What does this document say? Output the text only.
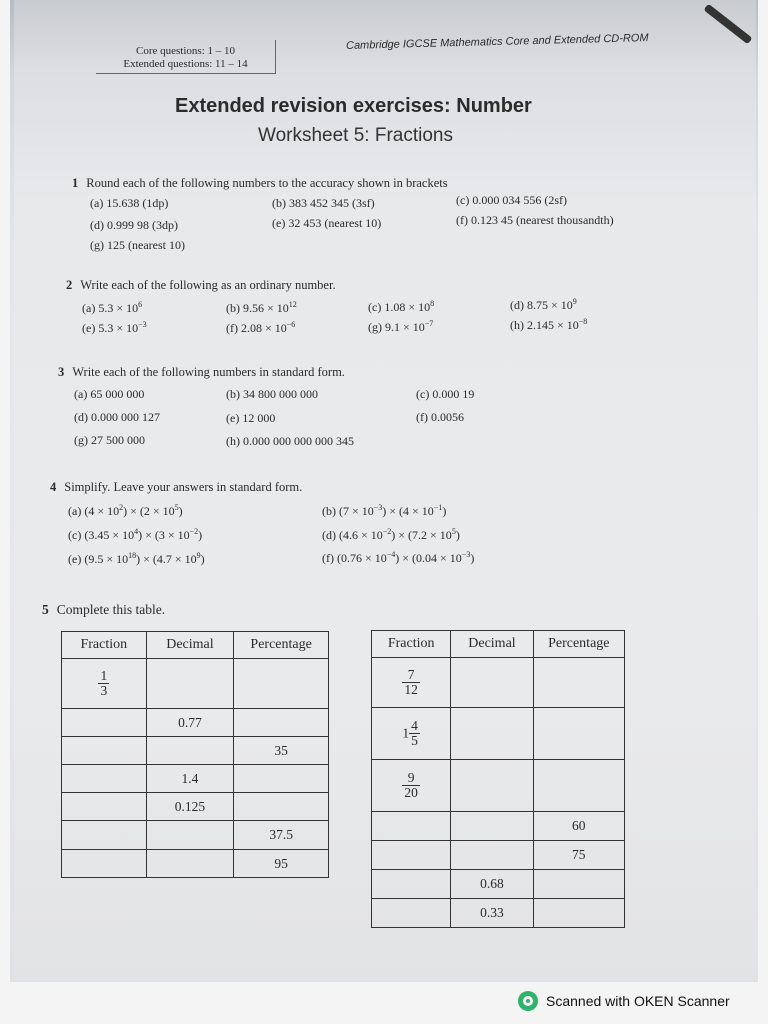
Core questions: 1 – 10
Extended questions: 11 – 14
Cambridge IGCSE Mathematics Core and Extended CD-ROM
Extended revision exercises: Number
Worksheet 5: Fractions
1 Round each of the following numbers to the accuracy shown in brackets
(a) 15.638 (1dp)	(b) 383 452 345 (3sf)	(c) 0.000 034 556 (2sf)
(d) 0.999 98 (3dp)	(e) 32 453 (nearest 10)	(f) 0.123 45 (nearest thousandth)
(g) 125 (nearest 10)
2 Write each of the following as an ordinary number.
(a) $5.3 \times 10^6$	(b) $9.56 \times 10^{12}$	(c) $1.08 \times 10^8$	(d) $8.75 \times 10^9$
(e) $5.3 \times 10^{-3}$	(f) $2.08 \times 10^{-6}$	(g) $9.1 \times 10^{-7}$	(h) $2.145 \times 10^{-8}$
3 Write each of the following numbers in standard form.
(a) 65 000 000	(b) 34 800 000 000	(c) 0.000 19
(d) 0.000 000 127	(e) 12 000	(f) 0.0056
(g) 27 500 000	(h) 0.000 000 000 000 345
4 Simplify. Leave your answers in standard form.
(a) $(4 \times 10^2) \times (2 \times 10^5)$	(b) $(7 \times 10^{-3}) \times (4 \times 10^{-1})$
(c) $(3.45 \times 10^4) \times (3 \times 10^{-2})$	(d) $(4.6 \times 10^{-2}) \times (7.2 \times 10^5)$
(e) $(9.5 \times 10^{18}) \times (4.7 \times 10^9)$	(f) $(0.76 \times 10^{-4}) \times (0.04 \times 10^{-3})$
5 Complete this table.
Fraction	Decimal	Percentage

$\frac{1}{3}$

	0.77	
		35
	1.4	
	0.125	
		37.5
		95
Fraction	Decimal	Percentage

$\frac{7}{12}$

$1 \frac{4}{5}$

$\frac{9}{20}$

		60
		75
	0.68	
	0.33	
Scanned with OKEN Scanner
